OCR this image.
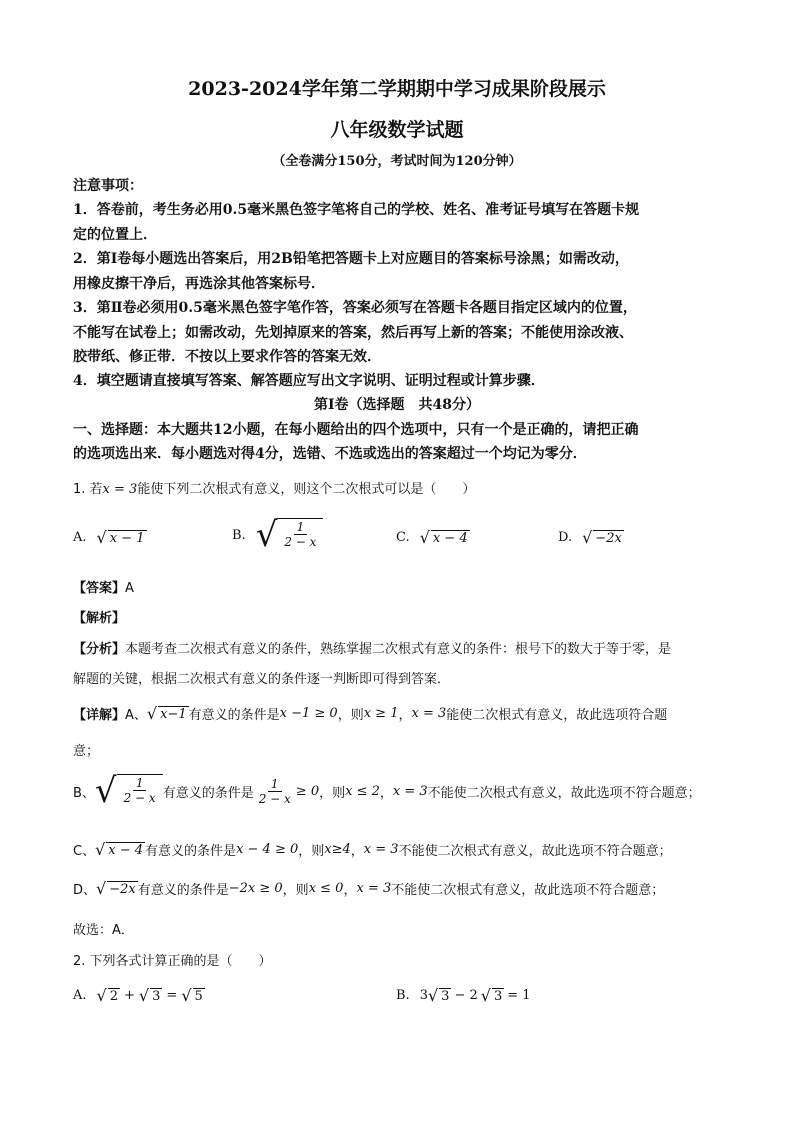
2023-2024学年第二学期期中学习成果阶段展示
八年级数学试题
（全卷满分150分，考试时间为120分钟）
注意事项：
1．答卷前，考生务必用0.5毫米黑色签字笔将自己的学校、姓名、准考证号填写在答题卡规
定的位置上．
2．第Ⅰ卷每小题选出答案后，用2B铅笔把答题卡上对应题目的答案标号涂黑；如需改动，
用橡皮擦干净后，再选涂其他答案标号．
3．第Ⅱ卷必须用0.5毫米黑色签字笔作答，答案必须写在答题卡各题目指定区域内的位置，
不能写在试卷上；如需改动，先划掉原来的答案，然后再写上新的答案；不能使用涂改液、
胶带纸、修正带．不按以上要求作答的答案无效．
4．填空题请直接填写答案、解答题应写出文字说明、证明过程或计算步骤．
第Ⅰ卷（选择题　共48分）
一、选择题：本大题共12小题，在每小题给出的四个选项中，只有一个是正确的，请把正确
的选项选出来．每小题选对得4分，选错、不选或选出的答案超过一个均记为零分．
1. 若x = 3能使下列二次根式有意义，则这个二次根式可以是（　　）
A. √ x − 1	B. √ $\frac{1}{2 - x}$	C. √ x − 4	D. √ −2x
【答案】A
【解析】
【分析】本题考查二次根式有意义的条件，熟练掌握二次根式有意义的条件：根号下的数大于等于零，是
解题的关键，根据二次根式有意义的条件逐一判断即可得到答案．
【详解】 A、 √ x−1 有意义的条件是 x −1 ≥ 0 ，则 x ≥ 1 ， x = 3 能使二次根式有意义，故此选项符合题
意；
B、 √ $\frac{1}{2 - x}$ 有意义的条件是 $\frac{1}{2 - x} \ge 0$ ，则 x ≤ 2 ， x = 3 不能使二次根式有意义，故此选项不符合题意；
C、 √ x − 4 有意义的条件是 x − 4 ≥ 0 ，则 x≥4 ， x = 3 不能使二次根式有意义，故此选项不符合题意；
D、 √ −2x 有意义的条件是 −2x ≥ 0 ，则 x ≤ 0 ， x = 3 不能使二次根式有意义，故此选项不符合题意；
故选：A．
2. 下列各式计算正确的是（　　）
A. √ 2 + √ 3 = √ 5	B. 3 √ 3 − 2 √ 3 = 1
